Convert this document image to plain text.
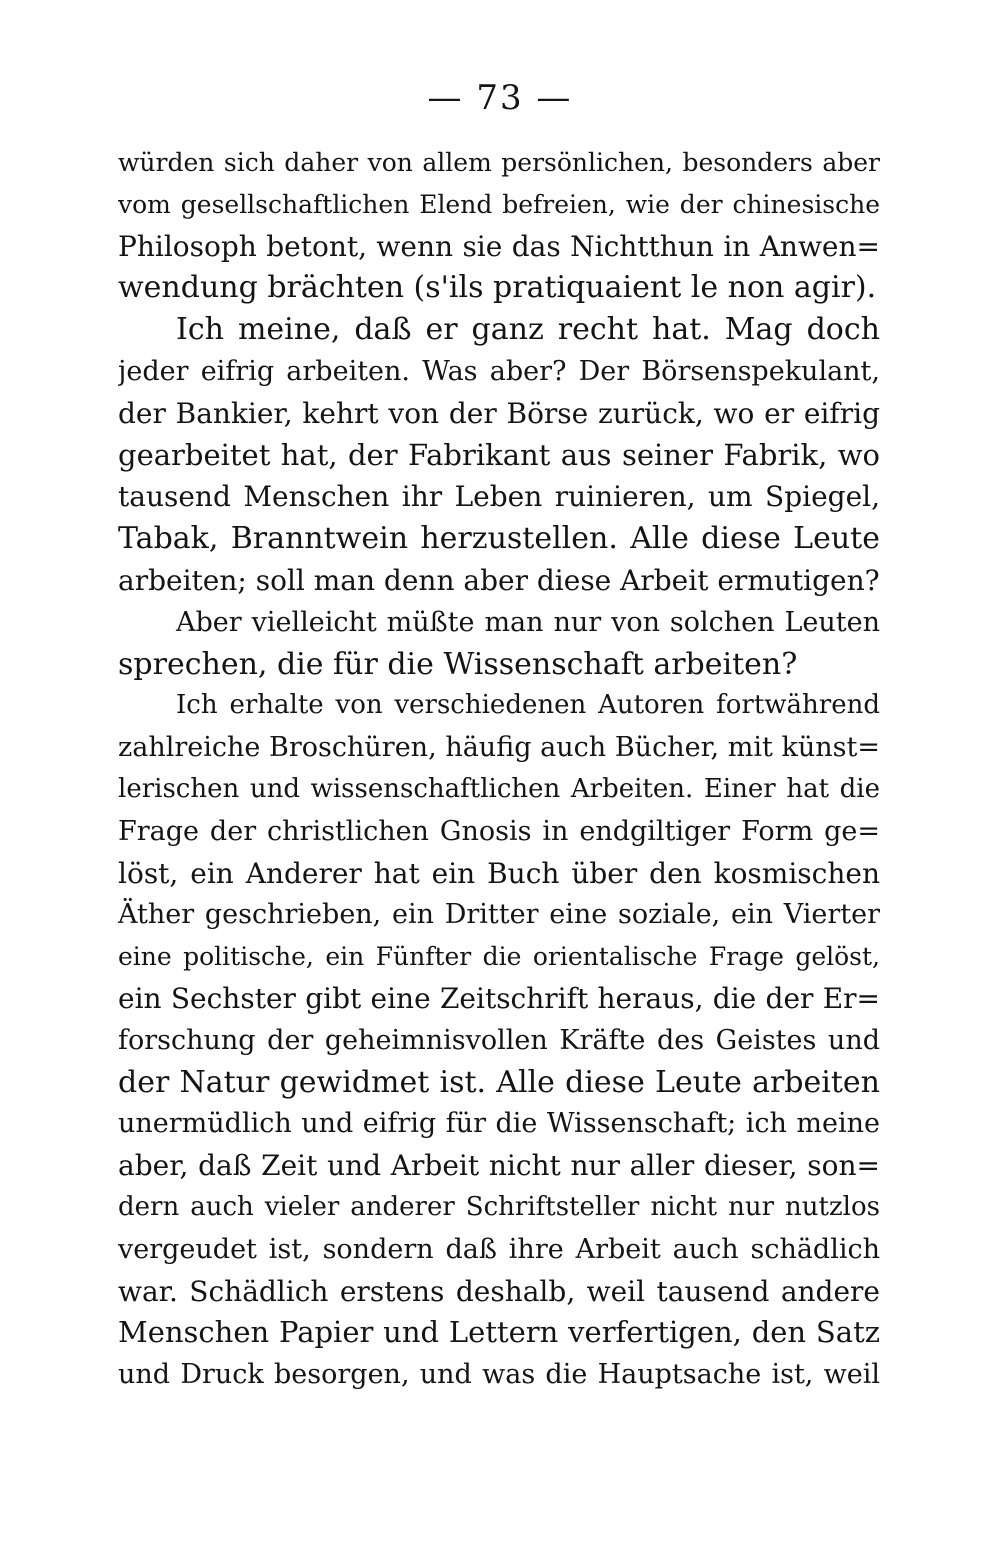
— 73 —
würden sich daher von allem persönlichen, besonders aber
vom gesellschaftlichen Elend befreien, wie der chinesische
Philosoph betont, wenn sie das Nichtthun in Anwen=
wendung brächten (s'ils pratiquaient le non agir).
Ich meine, daß er ganz recht hat. Mag doch
jeder eifrig arbeiten. Was aber? Der Börsenspekulant,
der Bankier, kehrt von der Börse zurück, wo er eifrig
gearbeitet hat, der Fabrikant aus seiner Fabrik, wo
tausend Menschen ihr Leben ruinieren, um Spiegel,
Tabak, Branntwein herzustellen. Alle diese Leute
arbeiten; soll man denn aber diese Arbeit ermutigen?
Aber vielleicht müßte man nur von solchen Leuten
sprechen, die für die Wissenschaft arbeiten?
Ich erhalte von verschiedenen Autoren fortwährend
zahlreiche Broschüren, häufig auch Bücher, mit künst=
lerischen und wissenschaftlichen Arbeiten. Einer hat die
Frage der christlichen Gnosis in endgiltiger Form ge=
löst, ein Anderer hat ein Buch über den kosmischen
Äther geschrieben, ein Dritter eine soziale, ein Vierter
eine politische, ein Fünfter die orientalische Frage gelöst,
ein Sechster gibt eine Zeitschrift heraus, die der Er=
forschung der geheimnisvollen Kräfte des Geistes und
der Natur gewidmet ist. Alle diese Leute arbeiten
unermüdlich und eifrig für die Wissenschaft; ich meine
aber, daß Zeit und Arbeit nicht nur aller dieser, son=
dern auch vieler anderer Schriftsteller nicht nur nutzlos
vergeudet ist, sondern daß ihre Arbeit auch schädlich
war. Schädlich erstens deshalb, weil tausend andere
Menschen Papier und Lettern verfertigen, den Satz
und Druck besorgen, und was die Hauptsache ist, weil
